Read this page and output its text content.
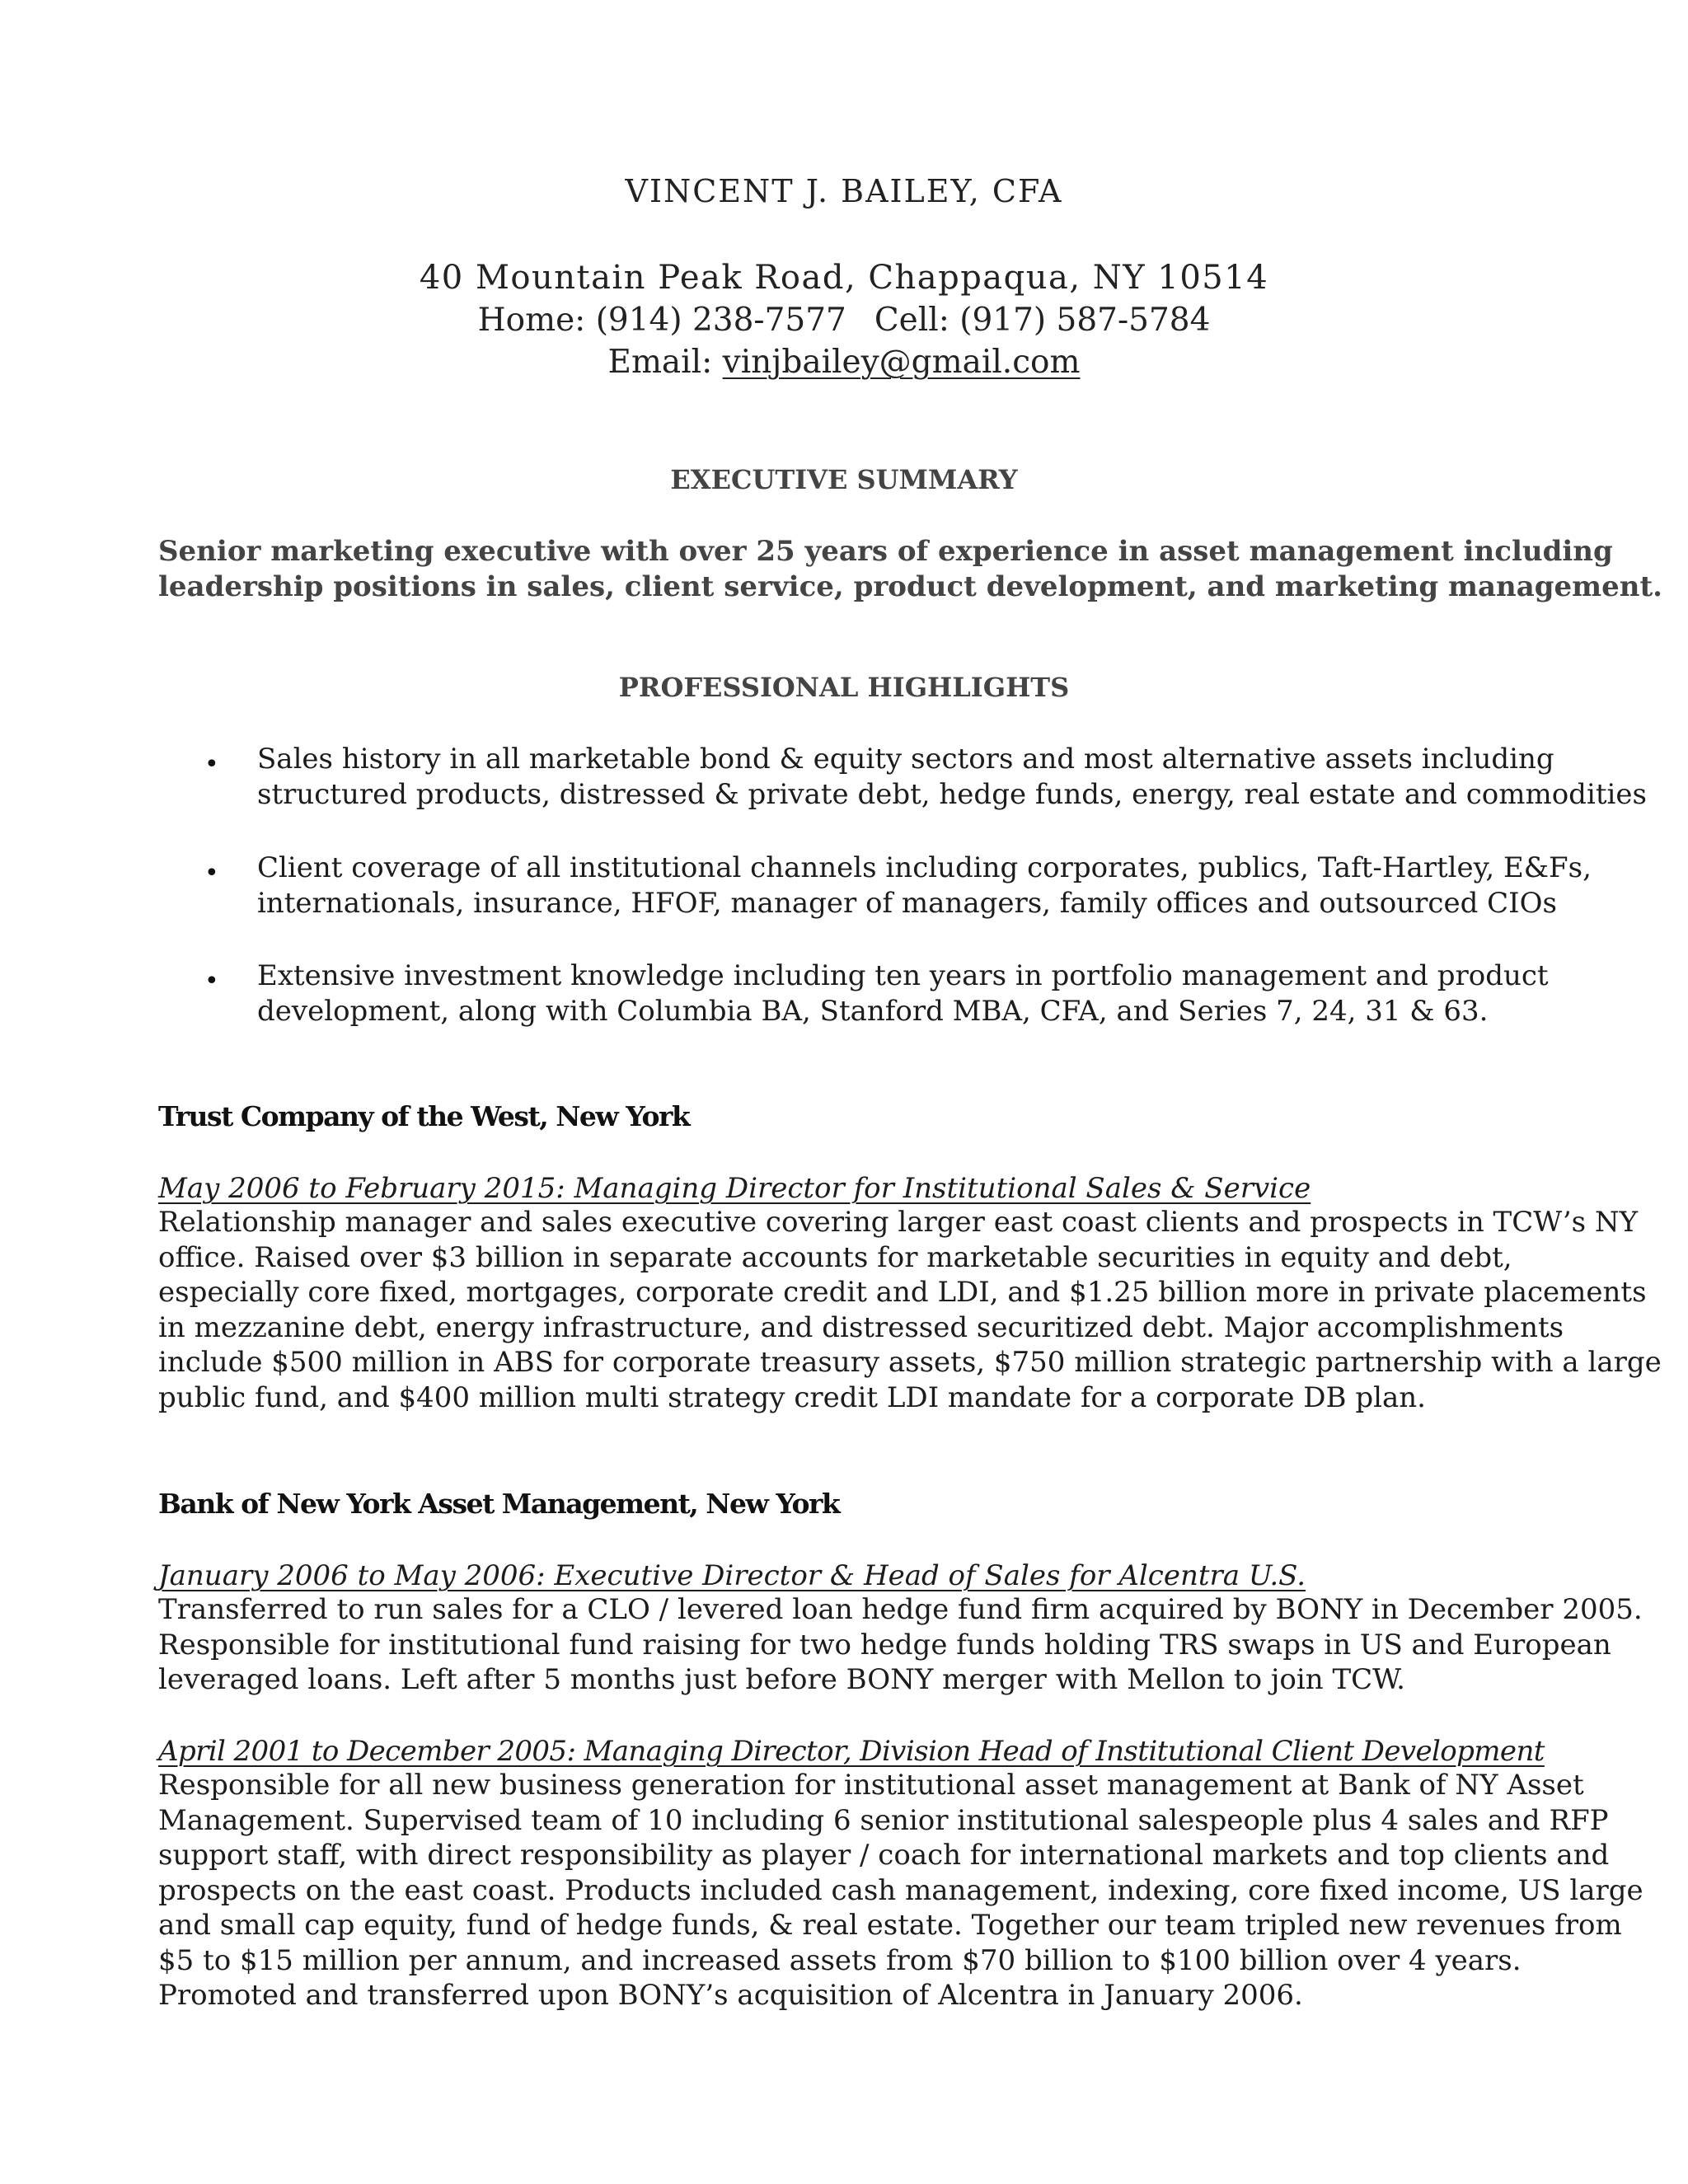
VINCENT J. BAILEY, CFA
40 Mountain Peak Road, Chappaqua, NY 10514
Home: (914) 238-7577 Cell: (917) 587-5784
Email: vinjbailey@gmail.com
EXECUTIVE SUMMARY
Senior marketing executive with over 25 years of experience in asset management including
leadership positions in sales, client service, product development, and marketing management.
PROFESSIONAL HIGHLIGHTS
• Sales history in all marketable bond & equity sectors and most alternative assets including
structured products, distressed & private debt, hedge funds, energy, real estate and commodities
• Client coverage of all institutional channels including corporates, publics, Taft-Hartley, E&Fs,
internationals, insurance, HFOF, manager of managers, family offices and outsourced CIOs
• Extensive investment knowledge including ten years in portfolio management and product
development, along with Columbia BA, Stanford MBA, CFA, and Series 7, 24, 31 & 63.
Trust Company of the West, New York
May 2006 to February 2015: Managing Director for Institutional Sales & Service
Relationship manager and sales executive covering larger east coast clients and prospects in TCW’s NY
office. Raised over $3 billion in separate accounts for marketable securities in equity and debt,
especially core fixed, mortgages, corporate credit and LDI, and $1.25 billion more in private placements
in mezzanine debt, energy infrastructure, and distressed securitized debt. Major accomplishments
include $500 million in ABS for corporate treasury assets, $750 million strategic partnership with a large
public fund, and $400 million multi strategy credit LDI mandate for a corporate DB plan.
Bank of New York Asset Management, New York
January 2006 to May 2006: Executive Director & Head of Sales for Alcentra U.S.
Transferred to run sales for a CLO / levered loan hedge fund firm acquired by BONY in December 2005.
Responsible for institutional fund raising for two hedge funds holding TRS swaps in US and European
leveraged loans. Left after 5 months just before BONY merger with Mellon to join TCW.
April 2001 to December 2005: Managing Director, Division Head of Institutional Client Development
Responsible for all new business generation for institutional asset management at Bank of NY Asset
Management. Supervised team of 10 including 6 senior institutional salespeople plus 4 sales and RFP
support staff, with direct responsibility as player / coach for international markets and top clients and
prospects on the east coast. Products included cash management, indexing, core fixed income, US large
and small cap equity, fund of hedge funds, & real estate. Together our team tripled new revenues from
$5 to $15 million per annum, and increased assets from $70 billion to $100 billion over 4 years.
Promoted and transferred upon BONY’s acquisition of Alcentra in January 2006.
